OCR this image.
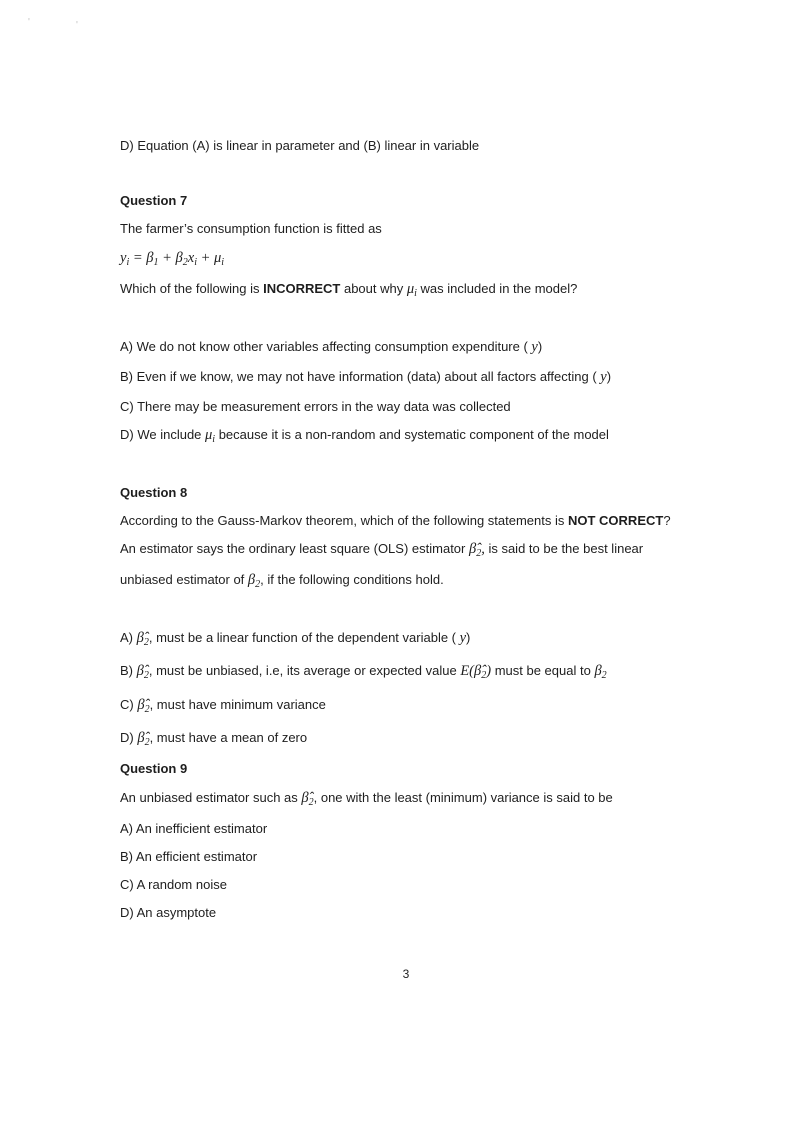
'	'

D) Equation (A) is linear in parameter and (B) linear in variable

Question 7

The farmer’s consumption function is fitted as

$y_i = \beta_1 + \beta_2x_i + \mu_i$

Which of the following is INCORRECT about why $\mu_i$ was included in the model?

A) We do not know other variables affecting consumption expenditure ( y)

B) Even if we know, we may not have information (data) about all factors affecting ( y)

C) There may be measurement errors in the way data was collected

D) We include $\mu_i$ because it is a non-random and systematic component of the model

Question 8

According to the Gauss-Markov theorem, which of the following statements is NOT CORRECT?

An estimator says the ordinary least square (OLS) estimator $\betâ_2$, is said to be the best linear

unbiased estimator of $\beta_2$, if the following conditions hold.

A) $\betâ_2$, must be a linear function of the dependent variable ( y)

B) $\betâ_2$, must be unbiased, i.e, its average or expected value $E(\betâ_2)$ must be equal to $\beta_2$

C) $\betâ_2$, must have minimum variance

D) $\betâ_2$, must have a mean of zero

Question 9

An unbiased estimator such as $\betâ_2$, one with the least (minimum) variance is said to be

A) An inefficient estimator

B) An efficient estimator

C) A random noise

D) An asymptote

3
